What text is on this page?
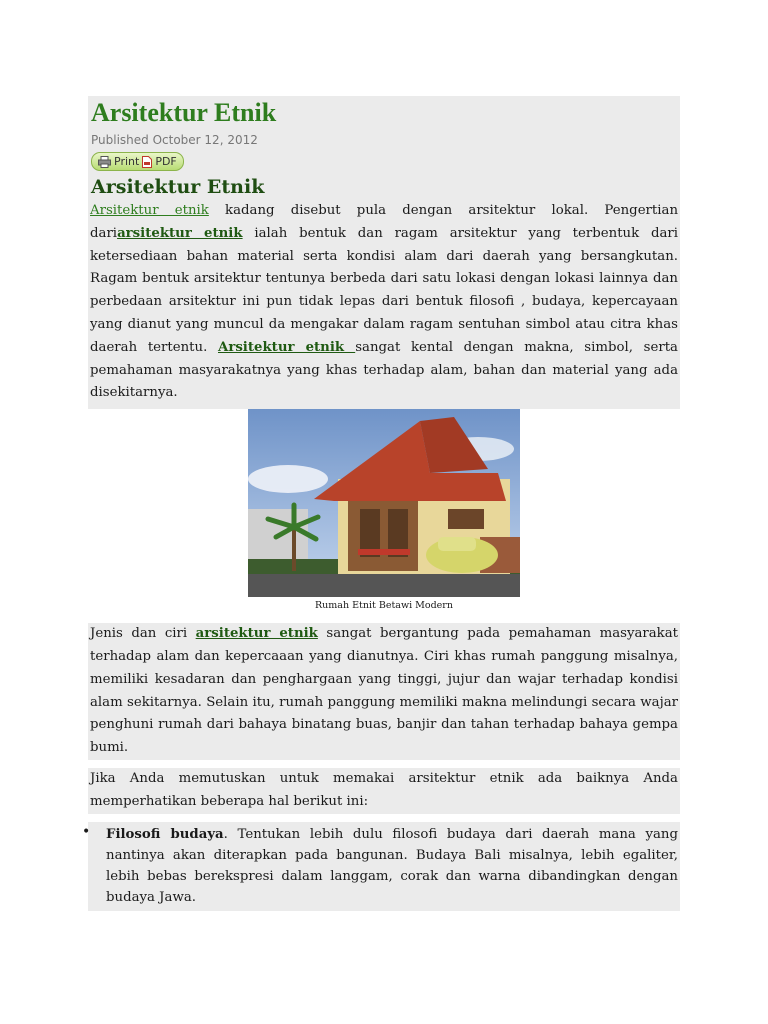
Arsitektur Etnik
Published October 12, 2012
Print PDF
Arsitektur Etnik

Arsitektur etnik kadang disebut pula dengan arsitektur lokal. Pengertian dariarsitektur etnik ialah bentuk dan ragam arsitektur yang terbentuk dari ketersediaan bahan material serta kondisi alam dari daerah yang bersangkutan. Ragam bentuk arsitektur tentunya berbeda dari satu lokasi dengan lokasi lainnya dan perbedaan arsitektur ini pun tidak lepas dari bentuk filosofi , budaya, kepercayaan yang dianut yang muncul da mengakar dalam ragam sentuhan simbol atau citra khas daerah tertentu. Arsitektur etnik sangat kental dengan makna, simbol, serta pemahaman masyarakatnya yang khas terhadap alam, bahan dan material yang ada disekitarnya.

Rumah Etnit Betawi Modern

Jenis dan ciri arsitektur etnik sangat bergantung pada pemahaman masyarakat terhadap alam dan kepercaaan yang dianutnya. Ciri khas rumah panggung misalnya, memiliki kesadaran dan penghargaan yang tinggi, jujur dan wajar terhadap kondisi alam sekitarnya. Selain itu, rumah panggung memiliki makna melindungi secara wajar penghuni rumah dari bahaya binatang buas, banjir dan tahan terhadap bahaya gempa bumi.

Jika Anda memutuskan untuk memakai arsitektur etnik ada baiknya Anda memperhatikan beberapa hal berikut ini:

• Filosofi budaya. Tentukan lebih dulu filosofi budaya dari daerah mana yang nantinya akan diterapkan pada bangunan. Budaya Bali misalnya, lebih egaliter, lebih bebas berekspresi dalam langgam, corak dan warna dibandingkan dengan budaya Jawa.
